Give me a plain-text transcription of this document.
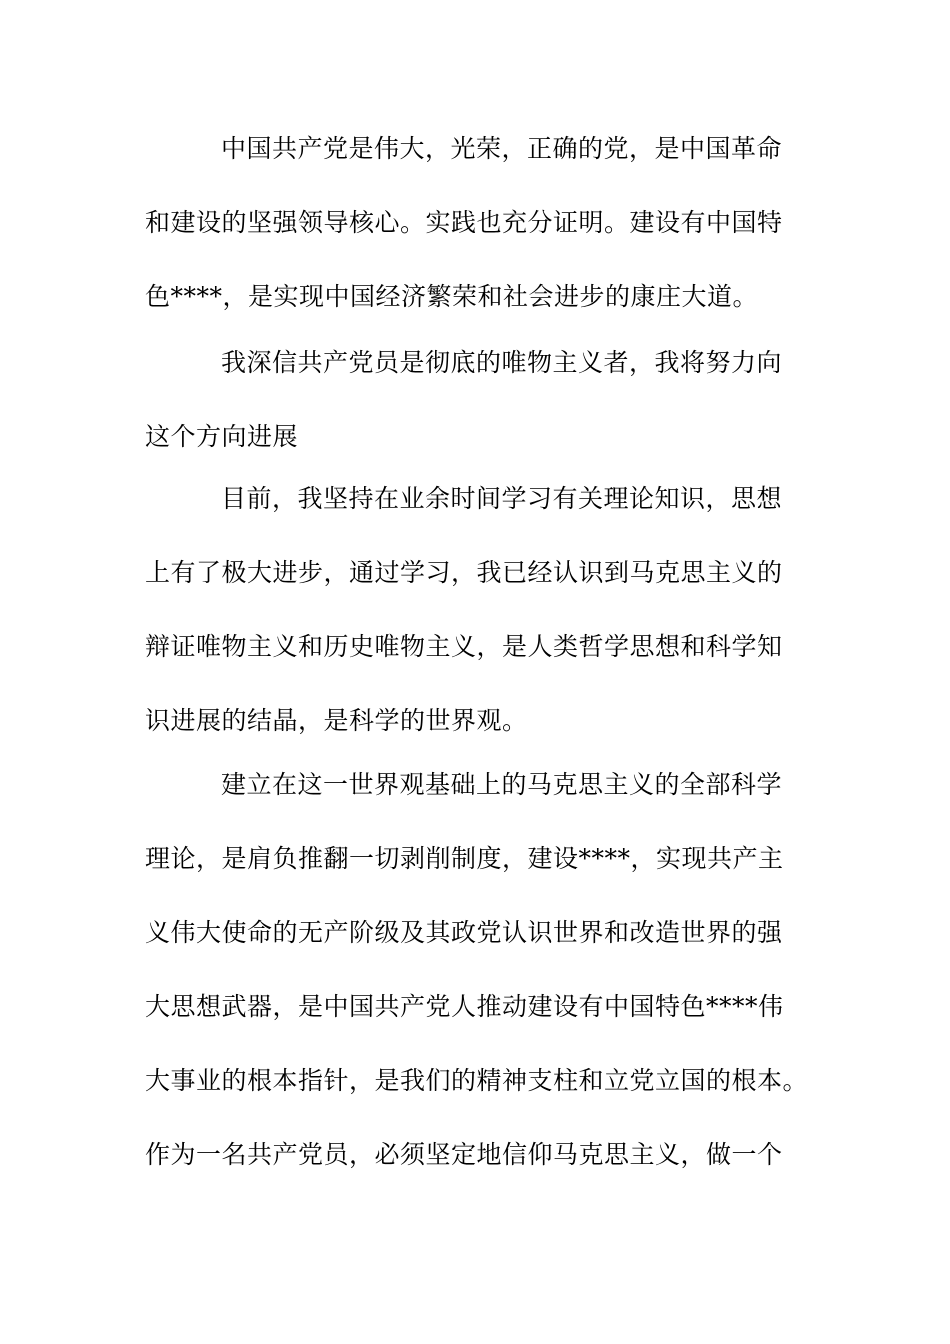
中国共产党是伟大，光荣，正确的党，是中国革命
和建设的坚强领导核心。实践也充分证明。建设有中国特
色****，是实现中国经济繁荣和社会进步的康庄大道。
我深信共产党员是彻底的唯物主义者，我将努力向
这个方向进展
目前，我坚持在业余时间学习有关理论知识，思想
上有了极大进步，通过学习，我已经认识到马克思主义的
辩证唯物主义和历史唯物主义，是人类哲学思想和科学知
识进展的结晶，是科学的世界观。
建立在这一世界观基础上的马克思主义的全部科学
理论，是肩负推翻一切剥削制度，建设****，实现共产主
义伟大使命的无产阶级及其政党认识世界和改造世界的强
大思想武器，是中国共产党人推动建设有中国特色****伟
大事业的根本指针，是我们的精神支柱和立党立国的根本。
作为一名共产党员，必须坚定地信仰马克思主义，做一个
